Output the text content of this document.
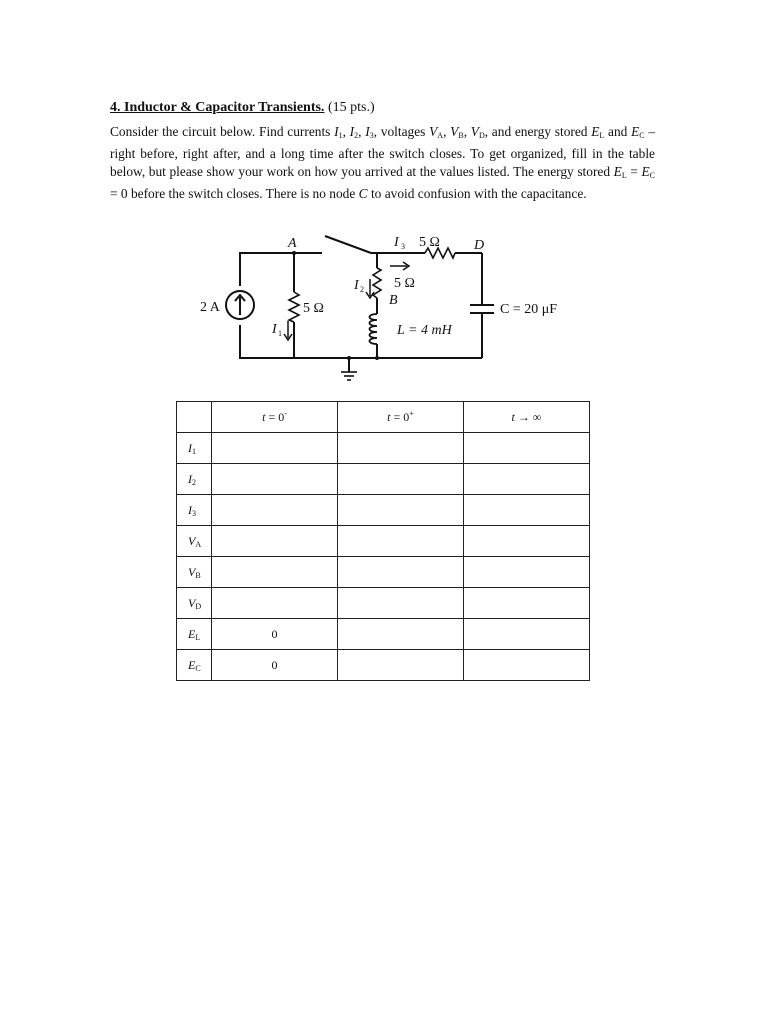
4. Inductor & Capacitor Transients. (15 pts.)

Consider the circuit below. Find currents $I_1$, $I_2$, $I_3$, voltages $V_A$, $V_B$, $V_D$, and energy stored $E_L$ and $E_C$ – right before, right after, and a long time after the switch closes. To get organized, fill in the table below, but please show your work on how you arrived at the values listed. The energy stored $E_L = E_C = 0$ before the switch closes. There is no node C to avoid confusion with the capacitance.

A
B
D
2 A	5 Ω
5 Ω
5 Ω
L = 4 mH
C = 20 μF
I 3
I 2
I 1
	t = 0-	t = 0+	t → ∞
$I_1$			
$I_2$			
$I_3$			
$V_A$			
$V_B$			
$V_D$			
$E_L$	0		
$E_C$	0		
